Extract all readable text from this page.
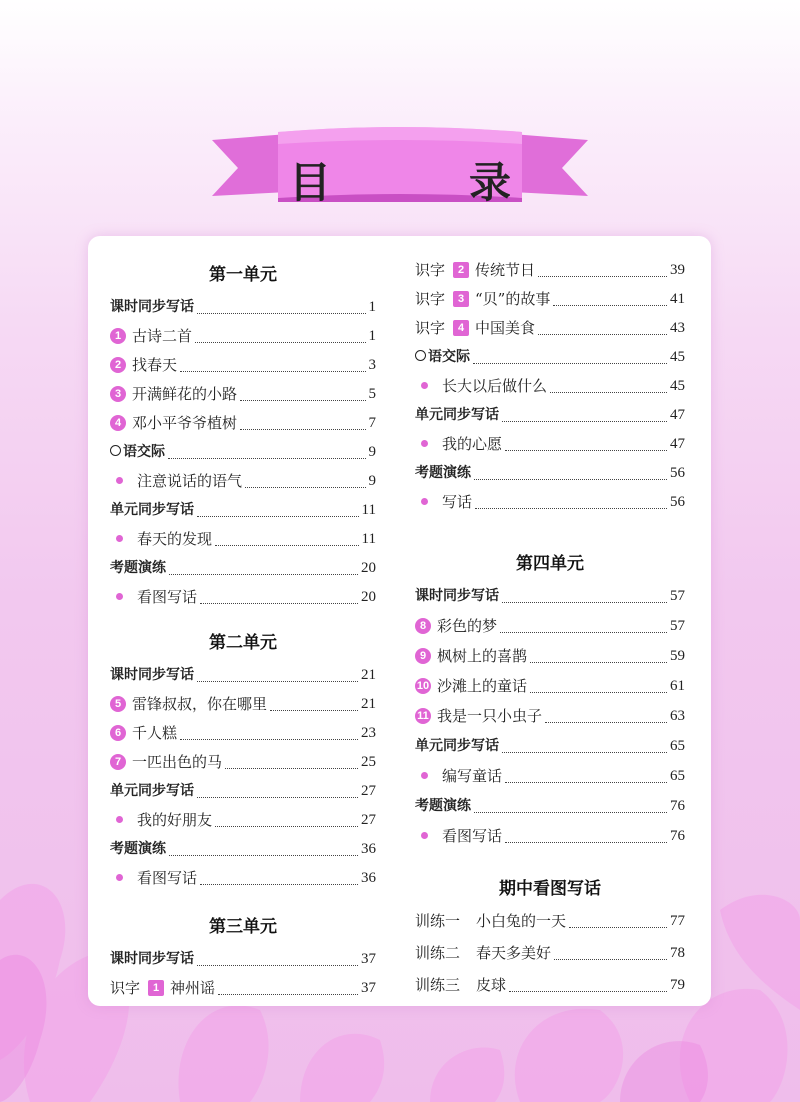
目	录
第一单元
课时同步写话	1
1 古诗二首	1
2 找春天	3
3 开满鲜花的小路	5
4 邓小平爷爷植树	7
语交际	9
注意说话的语气	9
单元同步写话	11
春天的发现	11
考题演练	20
看图写话	20
第二单元
课时同步写话	21
5 雷锋叔叔，你在哪里	21
6 千人糕	23
7 一匹出色的马	25
单元同步写话	27
我的好朋友	27
考题演练	36
看图写话	36
第三单元
课时同步写话	37
识字 1 神州谣	37
识字 2 传统节日	39
识字 3 “贝”的故事	41
识字 4 中国美食	43
语交际	45
长大以后做什么	45
单元同步写话	47
我的心愿	47
考题演练	56
写话	56
第四单元
课时同步写话	57
8 彩色的梦	57
9 枫树上的喜鹊	59
10 沙滩上的童话	61
11 我是一只小虫子	63
单元同步写话	65
编写童话	65
考题演练	76
看图写话	76
期中看图写话
训练一 小白兔的一天	77
训练二 春天多美好	78
训练三 皮球	79
